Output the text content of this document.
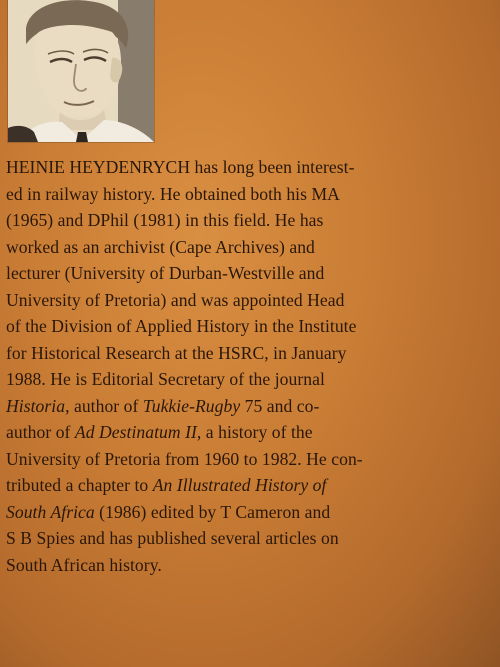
HEINIE HEYDENRYCH has long been interest-
ed in railway history. He obtained both his MA
(1965) and DPhil (1981) in this field. He has
worked as an archivist (Cape Archives) and
lecturer (University of Durban-Westville and
University of Pretoria) and was appointed Head
of the Division of Applied History in the Institute
for Historical Research at the HSRC, in January
1988. He is Editorial Secretary of the journal
Historia, author of Tukkie-Rugby 75 and co-
author of Ad Destinatum II, a history of the
University of Pretoria from 1960 to 1982. He con-
tributed a chapter to An Illustrated History of
South Africa (1986) edited by T Cameron and
S B Spies and has published several articles on
South African history.
